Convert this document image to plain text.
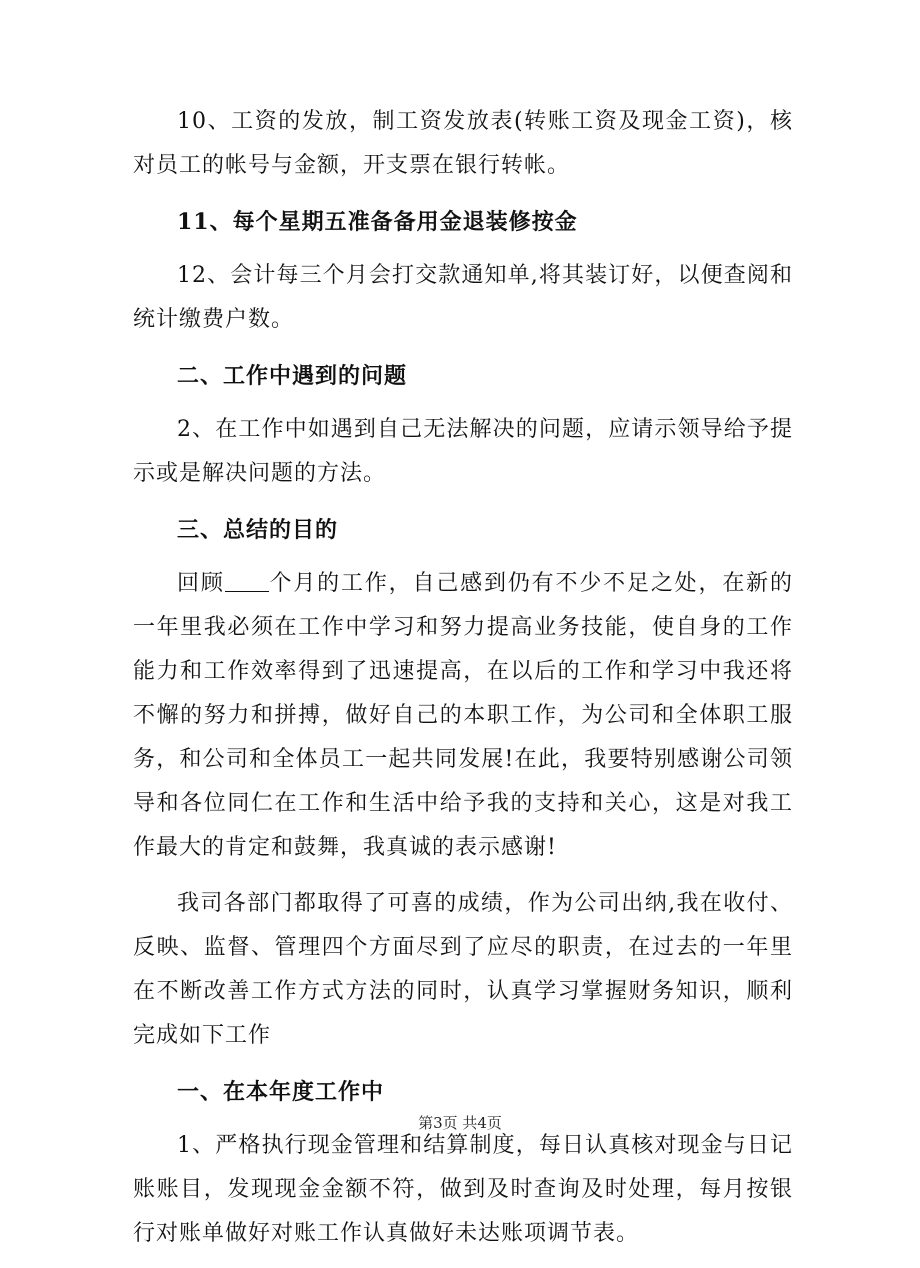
10、工资的发放，制工资发放表(转账工资及现金工资)，核对员工的帐号与金额，开支票在银行转帐。

11、每个星期五准备备用金退装修按金

12、会计每三个月会打交款通知单,将其装订好，以便查阅和统计缴费户数。

二、工作中遇到的问题

2、在工作中如遇到自己无法解决的问题，应请示领导给予提示或是解决问题的方法。

三、总结的目的

回顾 个月的工作，自己感到仍有不少不足之处，在新的一年里我必须在工作中学习和努力提高业务技能，使自身的工作能力和工作效率得到了迅速提高，在以后的工作和学习中我还将不懈的努力和拼搏，做好自己的本职工作，为公司和全体职工服务，和公司和全体员工一起共同发展!在此，我要特别感谢公司领导和各位同仁在工作和生活中给予我的支持和关心，这是对我工作最大的肯定和鼓舞，我真诚的表示感谢!

我司各部门都取得了可喜的成绩，作为公司出纳,我在收付、反映、监督、管理四个方面尽到了应尽的职责，在过去的一年里在不断改善工作方式方法的同时，认真学习掌握财务知识，顺利完成如下工作

一、在本年度工作中

1、严格执行现金管理和结算制度，每日认真核对现金与日记账账目，发现现金金额不符，做到及时查询及时处理，每月按银行对账单做好对账工作认真做好未达账项调节表。

第3页 共4页
